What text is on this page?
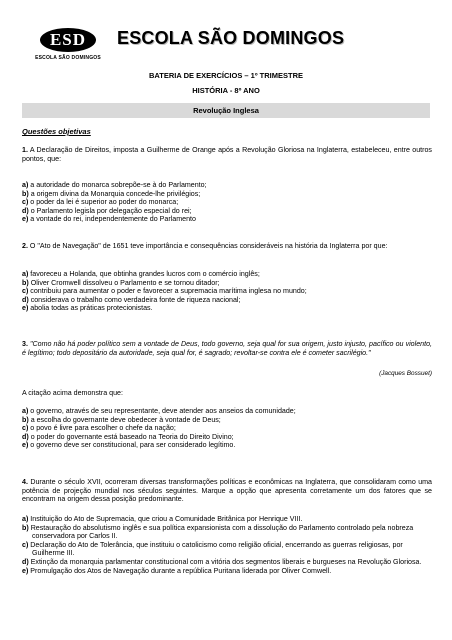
ESD
ESCOLA SÃO DOMINGOS
ESCOLA SÃO DOMINGOS
BATERIA DE EXERCÍCIOS – 1º TRIMESTRE
HISTÓRIA - 8º ANO
Revolução Inglesa
Questões objetivas
1. A Declaração de Direitos, imposta a Guilherme de Orange após a Revolução Gloriosa na Inglaterra, estabeleceu, entre outros pontos, que:
a) a autoridade do monarca sobrepõe-se à do Parlamento;
b) a origem divina da Monarquia concede-lhe privilégios;
c) o poder da lei é superior ao poder do monarca;
d) o Parlamento legisla por delegação especial do rei;
e) a vontade do rei, independentemente do Parlamento
2. O "Ato de Navegação" de 1651 teve importância e consequências consideráveis na história da Inglaterra por que:
a) favoreceu a Holanda, que obtinha grandes lucros com o comércio inglês;
b) Oliver Cromwell dissolveu o Parlamento e se tornou ditador;
c) contribuiu para aumentar o poder e favorecer a supremacia marítima inglesa no mundo;
d) considerava o trabalho como verdadeira fonte de riqueza nacional;
e) abolia todas as práticas protecionistas.
3. "Como não há poder político sem a vontade de Deus, todo governo, seja qual for sua origem, justo injusto, pacífico ou violento, é legítimo; todo depositário da autoridade, seja qual for, é sagrado; revoltar-se contra ele é cometer sacrilégio."
(Jacques Bossuet)
A citação acima demonstra que:
a) o governo, através de seu representante, deve atender aos anseios da comunidade;
b) a escolha do governante deve obedecer à vontade de Deus;
c) o povo é livre para escolher o chefe da nação;
d) o poder do governante está baseado na Teoria do Direito Divino;
e) o governo deve ser constitucional, para ser considerado legítimo.
4. Durante o século XVII, ocorreram diversas transformações políticas e econômicas na Inglaterra, que consolidaram como uma potência de projeção mundial nos séculos seguintes. Marque a opção que apresenta corretamente um dos fatores que se encontram na origem dessa posição predominante.
a) Instituição do Ato de Supremacia, que criou a Comunidade Britânica por Henrique VIII.
b) Restauração do absolutismo inglês e sua política expansionista com a dissolução do Parlamento controlado pela nobreza conservadora por Carlos II.
c) Declaração do Ato de Tolerância, que instituiu o catolicismo como religião oficial, encerrando as guerras religiosas, por Guilherme III.
d) Extinção da monarquia parlamentar constitucional com a vitória dos segmentos liberais e burgueses na Revolução Gloriosa.
e) Promulgação dos Atos de Navegação durante a república Puritana liderada por Oliver Comwell.
